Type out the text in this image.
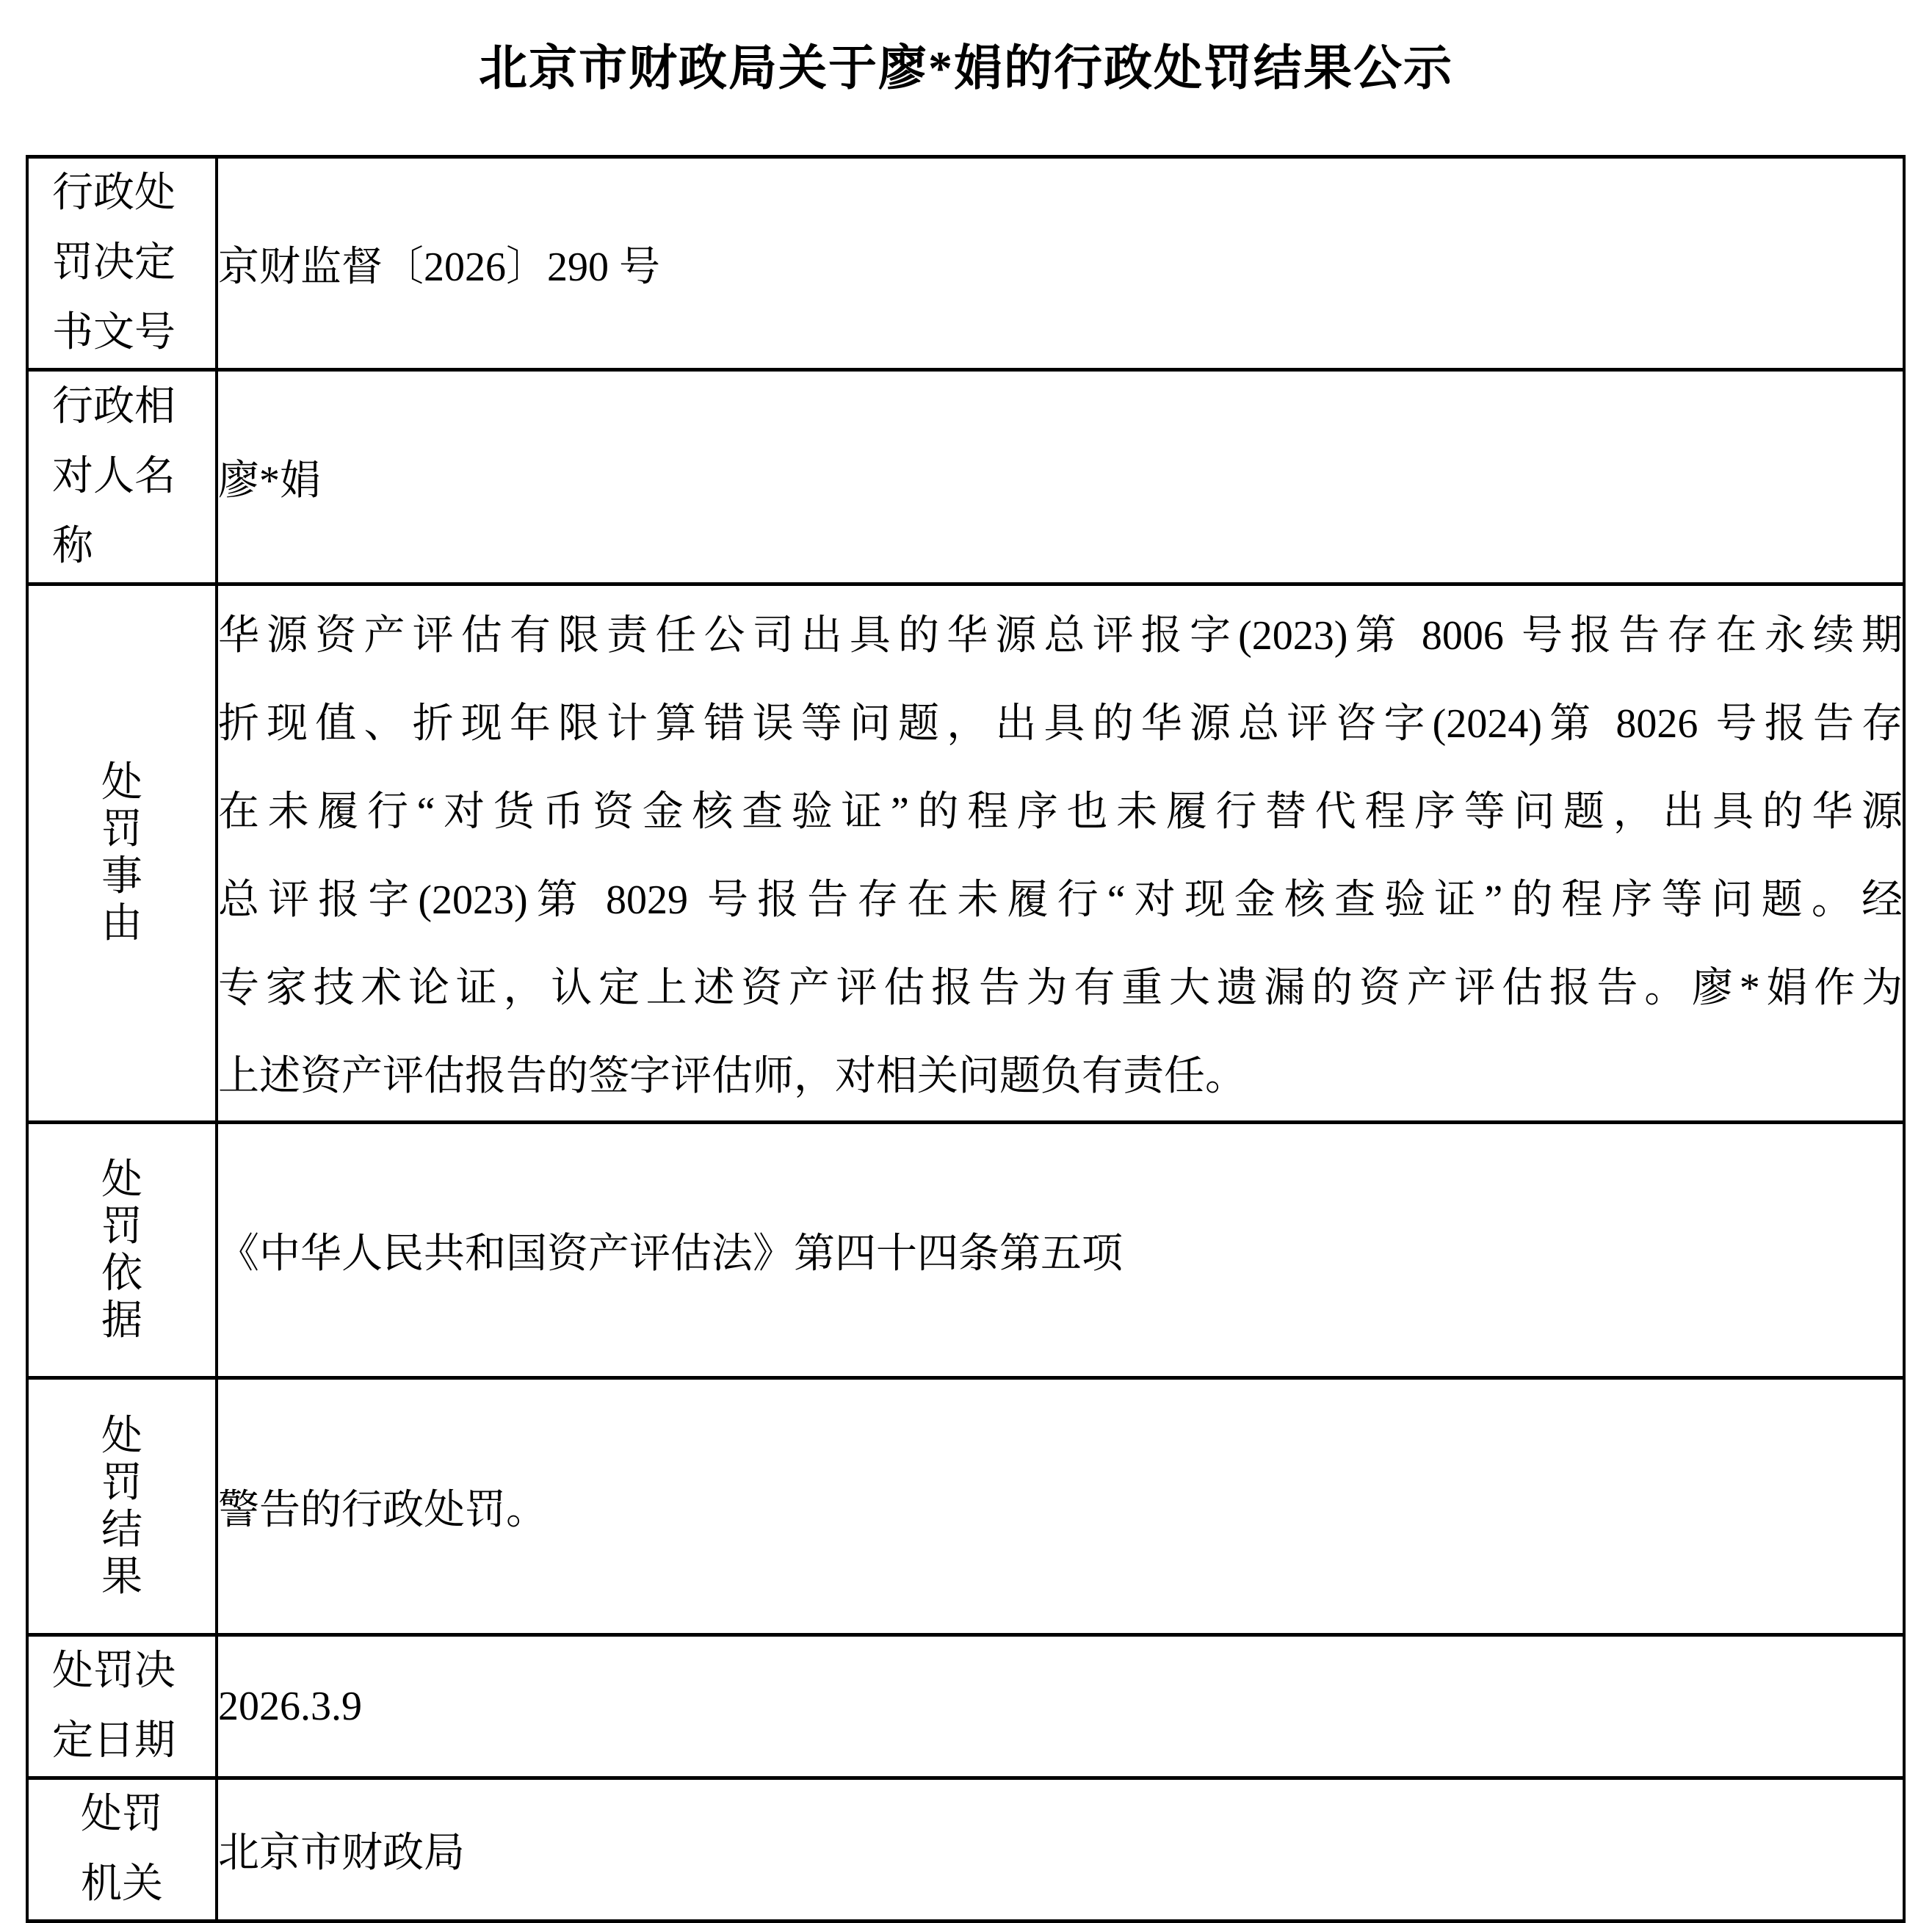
北京市财政局关于廖*娟的行政处罚结果公示
行政处
罚决定
书文号	京财监督〔2026〕290 号

行政相
对人名
称	廖*娟

处
罚
事
由

华源资产评估有限责任公司出具的华源总评报字(2023)第 8006 号报告存在永续期
折现值、折现年限计算错误等问题，出具的华源总评咨字(2024)第 8026 号报告存
在未履行“对货币资金核查验证”的程序也未履行替代程序等问题，出具的华源
总评报字(2023)第 8029 号报告存在未履行“对现金核查验证”的程序等问题。经
专家技术论证，认定上述资产评估报告为有重大遗漏的资产评估报告。廖*娟作为
上述资产评估报告的签字评估师，对相关问题负有责任。

处
罚
依
据	《中华人民共和国资产评估法》第四十四条第五项

处
罚
结
果	警告的行政处罚。

处罚决
定日期	2026.3.9

处罚
机关	北京市财政局
